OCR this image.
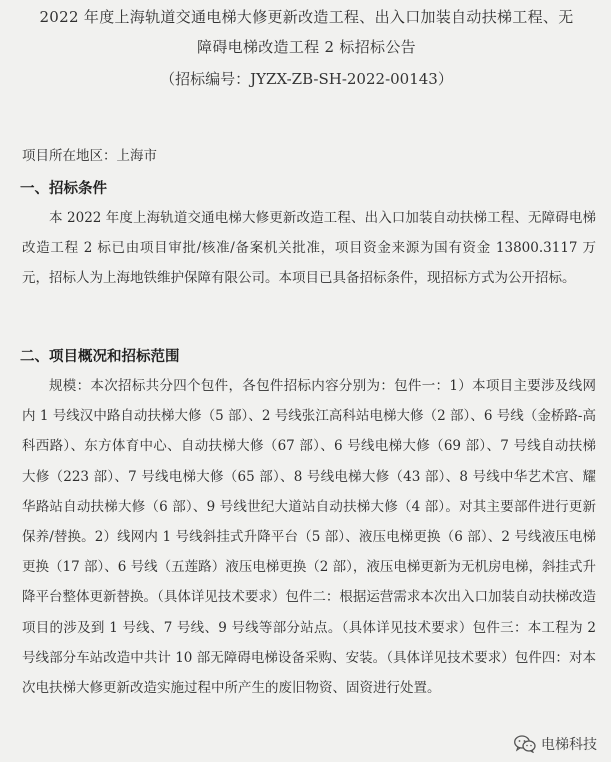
2022 年度上海轨道交通电梯大修更新改造工程、出入口加装自动扶梯工程、无
障碍电梯改造工程 2 标招标公告
（招标编号：JYZX-ZB-SH-2022-00143）
项目所在地区：上海市
一、招标条件
本 2022 年度上海轨道交通电梯大修更新改造工程、出入口加装自动扶梯工程、无障碍电梯改造工程 2 标已由项目审批/核准/备案机关批准，项目资金来源为国有资金 13800.3117 万元，招标人为上海地铁维护保障有限公司。本项目已具备招标条件，现招标方式为公开招标。
二、项目概况和招标范围
规模：本次招标共分四个包件，各包件招标内容分别为：包件一：1）本项目主要涉及线网内 1 号线汉中路自动扶梯大修（5 部）、2 号线张江高科站电梯大修（2 部）、6 号线（金桥路-高科西路）、东方体育中心、自动扶梯大修（67 部）、6 号线电梯大修（69 部）、7 号线自动扶梯大修（223 部）、7 号线电梯大修（65 部）、8 号线电梯大修（43 部）、8 号线中华艺术宫、耀华路站自动扶梯大修（6 部）、9 号线世纪大道站自动扶梯大修（4 部）。对其主要部件进行更新保养/替换。2）线网内 1 号线斜挂式升降平台（5 部）、液压电梯更换（6 部）、2 号线液压电梯更换（17 部）、6 号线（五莲路）液压电梯更换（2 部），液压电梯更新为无机房电梯，斜挂式升降平台整体更新替换。（具体详见技术要求）包件二：根据运营需求本次出入口加装自动扶梯改造项目的涉及到 1 号线、7 号线、9 号线等部分站点。（具体详见技术要求）包件三：本工程为 2 号线部分车站改造中共计 10 部无障碍电梯设备采购、安装。（具体详见技术要求）包件四：对本次电扶梯大修更新改造实施过程中所产生的废旧物资、固资进行处置。
电梯科技
